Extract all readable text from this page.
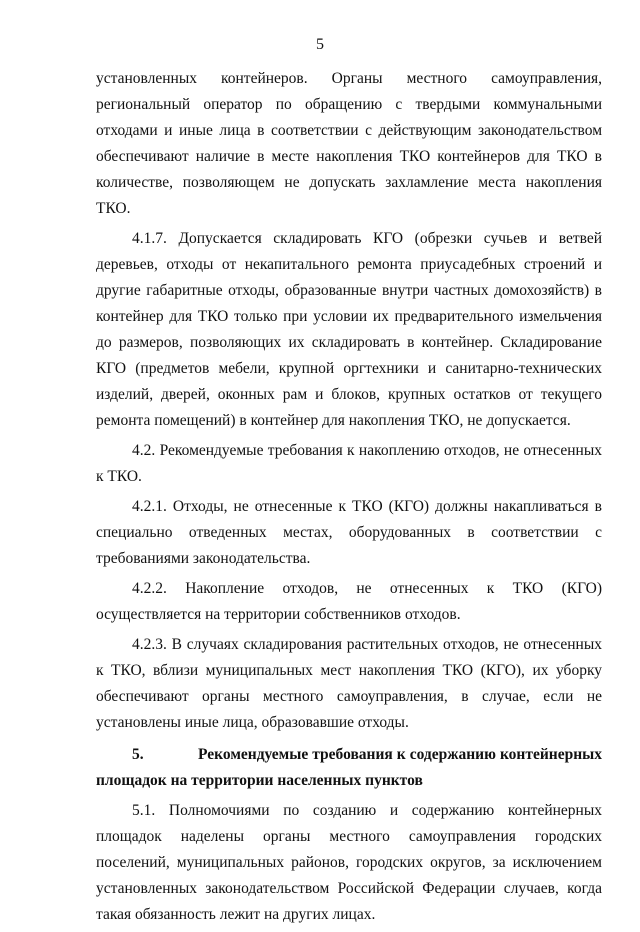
5

установленных контейнеров. Органы местного самоуправления, региональный оператор по обращению с твердыми коммунальными отходами и иные лица в соответствии с действующим законодательством обеспечивают наличие в месте накопления ТКО контейнеров для ТКО в количестве, позволяющем не допускать захламление места накопления ТКО.

4.1.7. Допускается складировать КГО (обрезки сучьев и ветвей деревьев, отходы от некапитального ремонта приусадебных строений и другие габаритные отходы, образованные внутри частных домохозяйств) в контейнер для ТКО только при условии их предварительного измельчения до размеров, позволяющих их складировать в контейнер. Складирование КГО (предметов мебели, крупной оргтехники и санитарно-технических изделий, дверей, оконных рам и блоков, крупных остатков от текущего ремонта помещений) в контейнер для накопления ТКО, не допускается.

4.2. Рекомендуемые требования к накоплению отходов, не отнесенных к ТКО.

4.2.1. Отходы, не отнесенные к ТКО (КГО) должны накапливаться в специально отведенных местах, оборудованных в соответствии с требованиями законодательства.

4.2.2. Накопление отходов, не отнесенных к ТКО (КГО) осуществляется на территории собственников отходов.

4.2.3. В случаях складирования растительных отходов, не отнесенных к ТКО, вблизи муниципальных мест накопления ТКО (КГО), их уборку обеспечивают органы местного самоуправления, в случае, если не установлены иные лица, образовавшие отходы.

5.	Рекомендуемые требования к содержанию контейнерных площадок на территории населенных пунктов

5.1. Полномочиями по созданию и содержанию контейнерных площадок наделены органы местного самоуправления городских поселений, муниципальных районов, городских округов, за исключением установленных законодательством Российской Федерации случаев, когда такая обязанность лежит на других лицах.
